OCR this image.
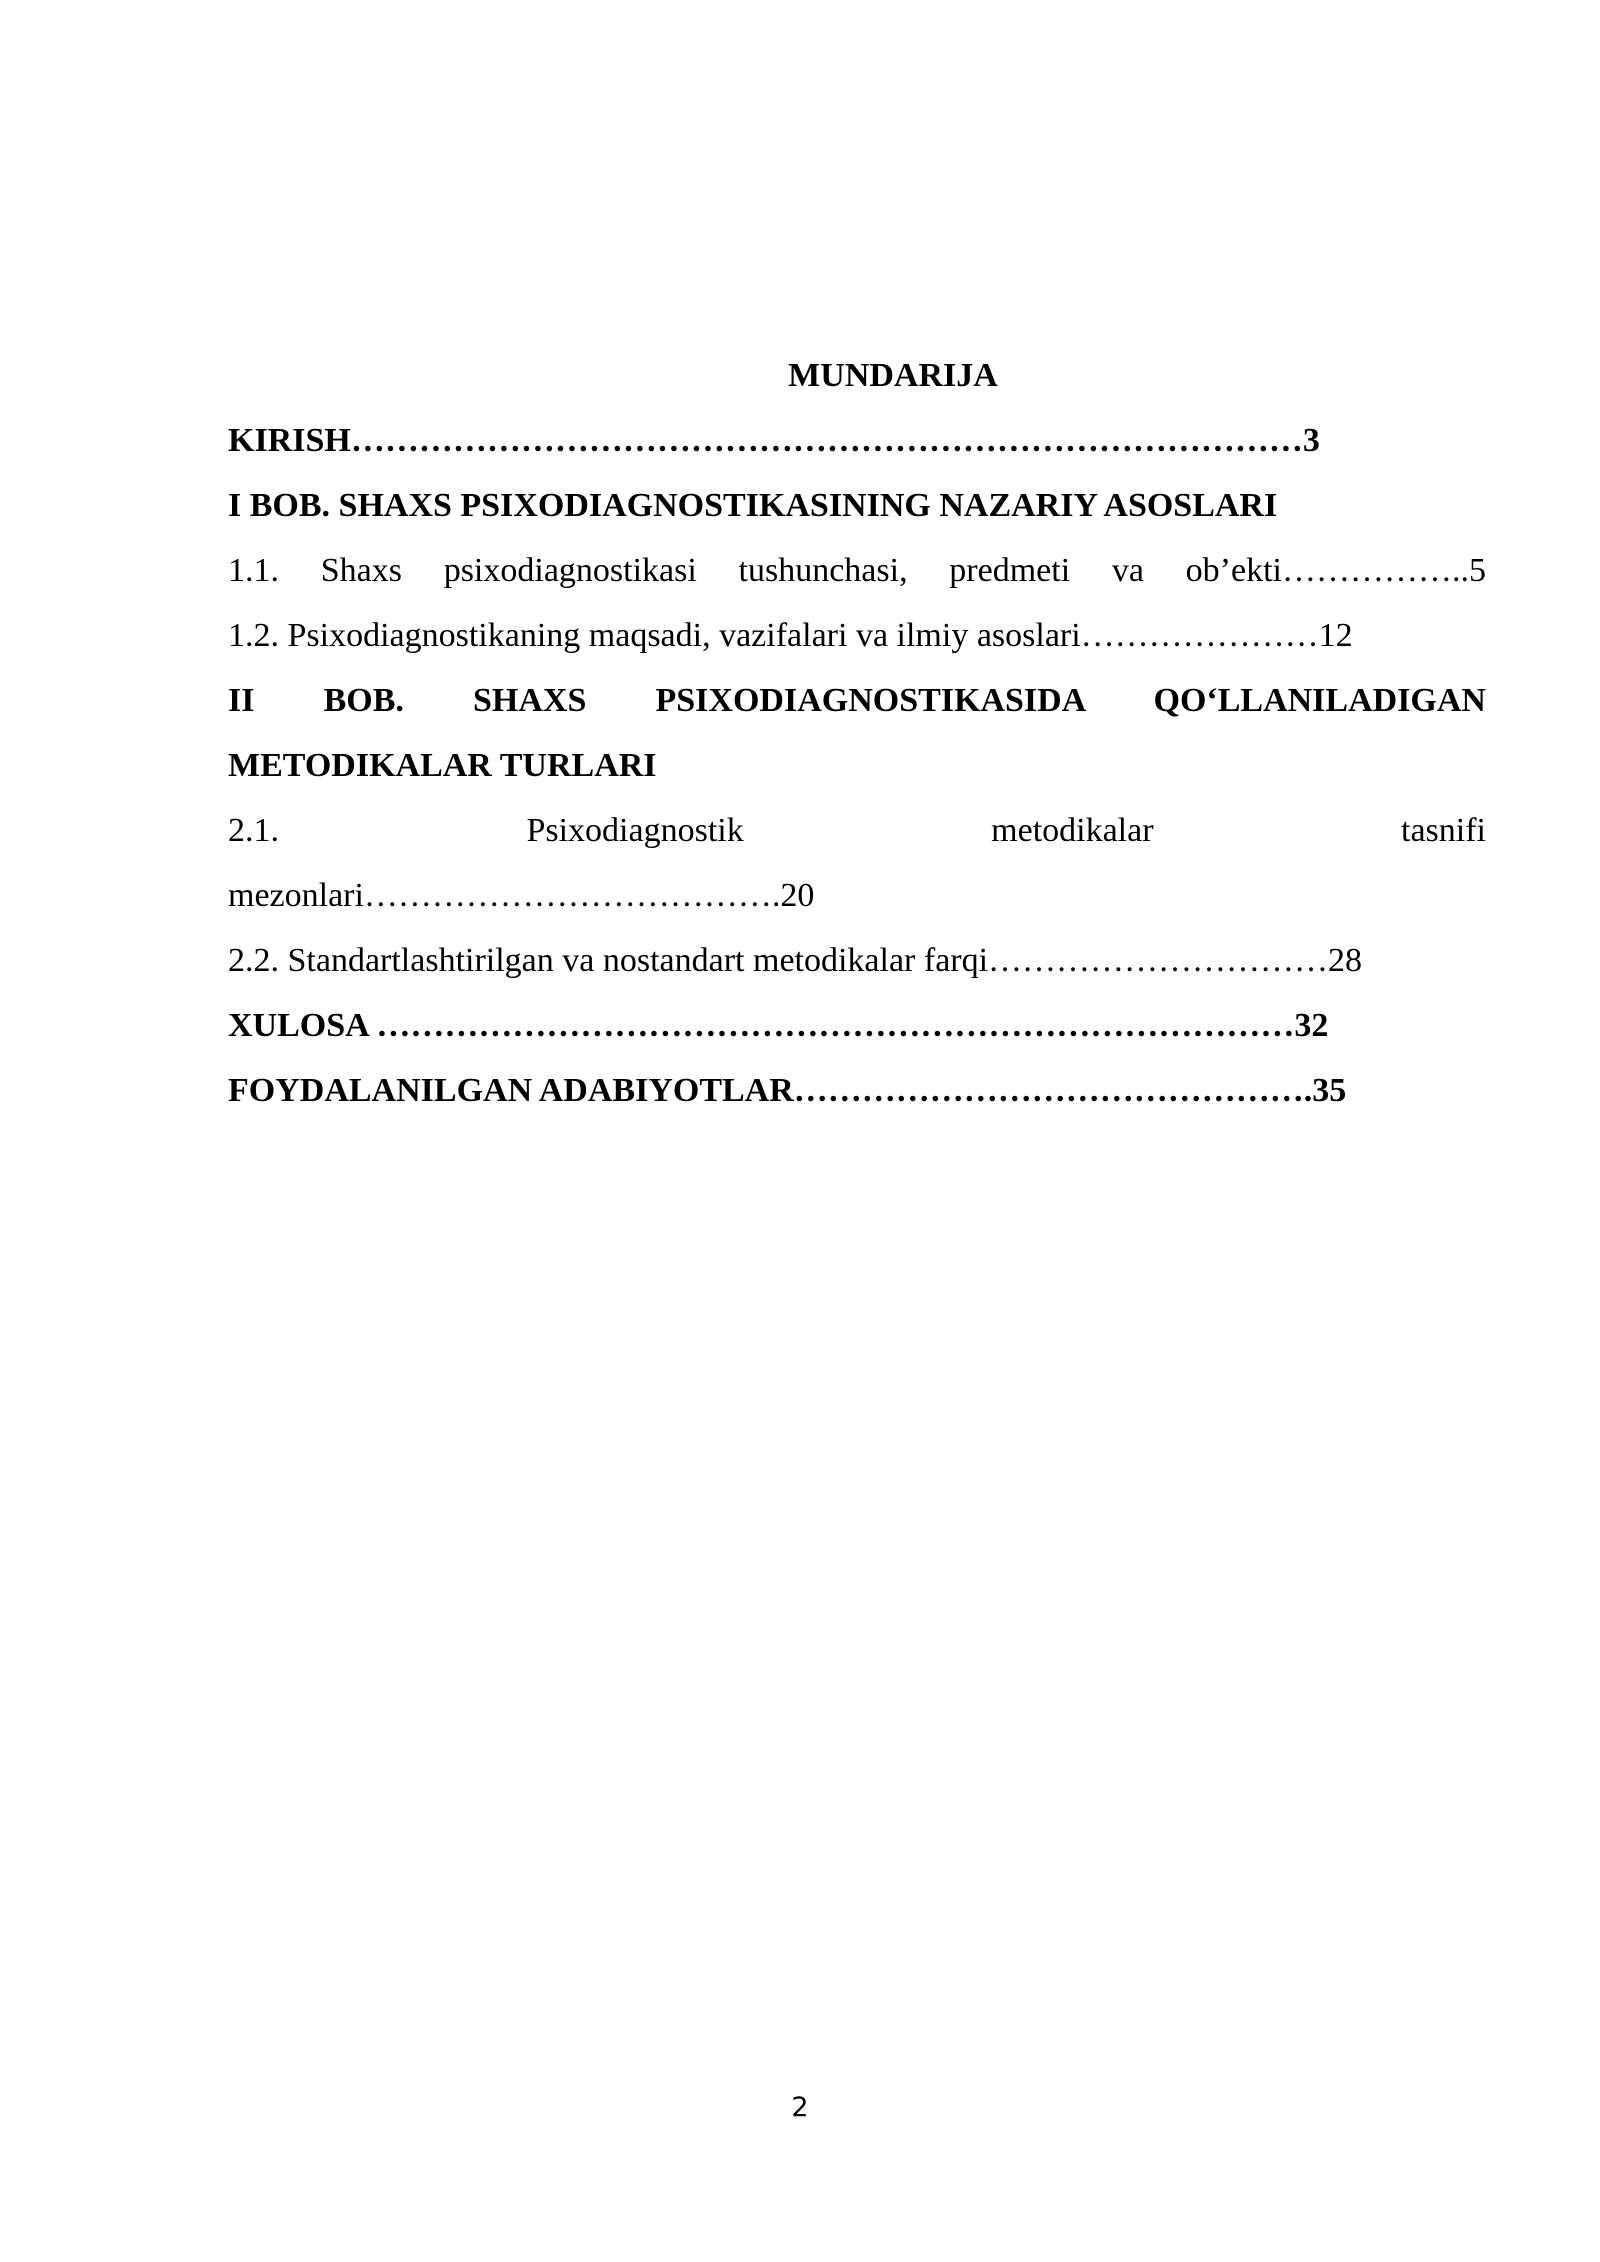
MUNDARIJA

KIRISH…………………………………………………………………………3

I BOB. SHAXS PSIXODIAGNOSTIKASINING NAZARIY ASOSLARI

1.1. Shaxs psixodiagnostikasi tushunchasi, predmeti va ob’ekti……………..5

1.2. Psixodiagnostikaning maqsadi, vazifalari va ilmiy asoslari…………………12

II BOB. SHAXS PSIXODIAGNOSTIKASIDA QO‘LLANILADIGAN

METODIKALAR TURLARI

2.1. Psixodiagnostik metodikalar tasnifi

mezonlari……………………………….20

2.2. Standartlashtirilgan va nostandart metodikalar farqi…………………………28

XULOSA ………………………………………………………………………32

FOYDALANILGAN ADABIYOTLAR……………………………………….35

2
